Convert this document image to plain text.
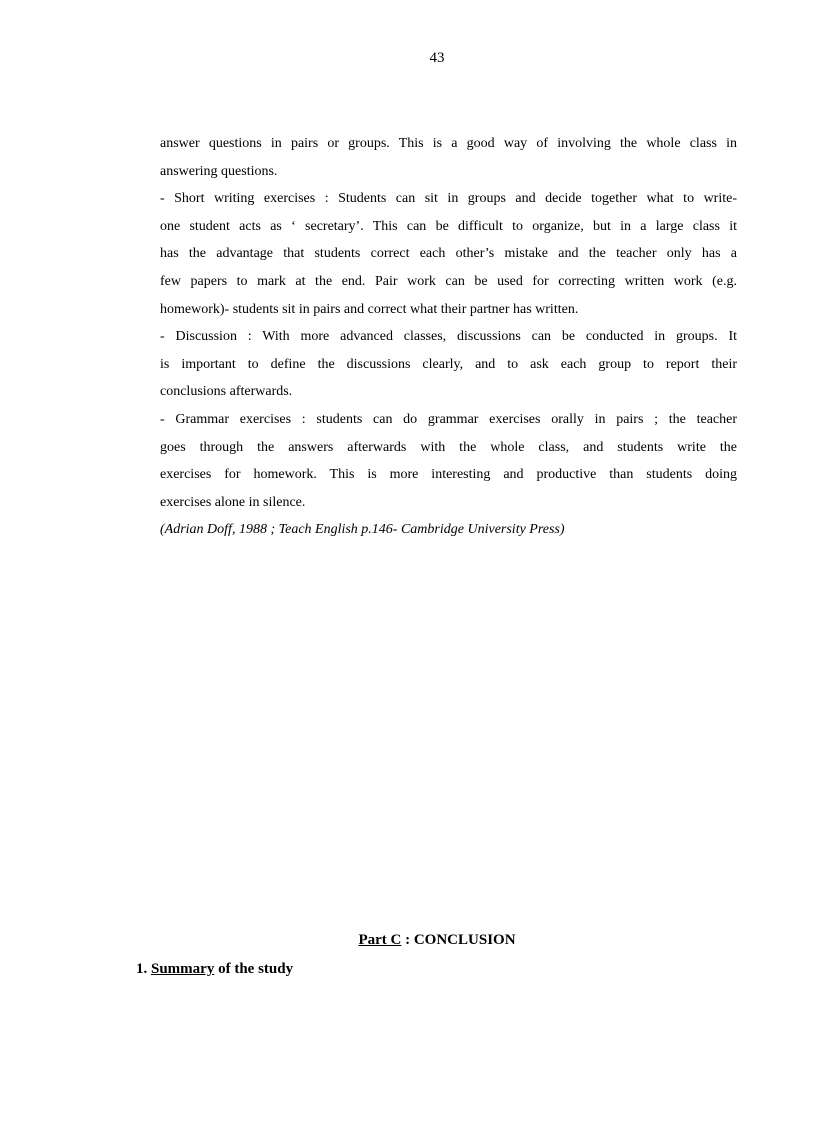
43
answer questions in pairs or groups. This is a good way of involving the whole class in
answering questions.
- Short writing exercises : Students can sit in groups and decide together what to write-
one student acts as ‘ secretary’. This can be difficult to organize, but in a large class it
has the advantage that students correct each other’s mistake and the teacher only has a
few papers to mark at the end. Pair work can be used for correcting written work (e.g.
homework)- students sit in pairs and correct what their partner has written.
- Discussion : With more advanced classes, discussions can be conducted in groups. It
is important to define the discussions clearly, and to ask each group to report their
conclusions afterwards.
- Grammar exercises : students can do grammar exercises orally in pairs ; the teacher
goes through the answers afterwards with the whole class, and students write the
exercises for homework. This is more interesting and productive than students doing
exercises alone in silence.
(Adrian Doff, 1988 ; Teach English p.146- Cambridge University Press)
Part C : CONCLUSION
1. Summary of the study
